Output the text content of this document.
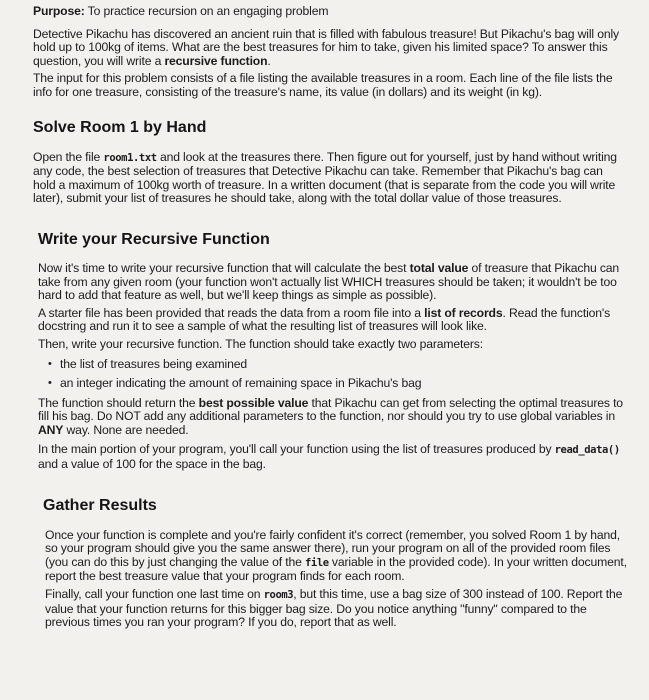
Purpose: To practice recursion on an engaging problem

Detective Pikachu has discovered an ancient ruin that is filled with fabulous treasure! But Pikachu's bag will only hold up to 100kg of items. What are the best treasures for him to take, given his limited space? To answer this question, you will write a recursive function.

The input for this problem consists of a file listing the available treasures in a room. Each line of the file lists the info for one treasure, consisting of the treasure's name, its value (in dollars) and its weight (in kg).

Solve Room 1 by Hand

Open the file room1.txt and look at the treasures there. Then figure out for yourself, just by hand without writing any code, the best selection of treasures that Detective Pikachu can take. Remember that Pikachu's bag can hold a maximum of 100kg worth of treasure. In a written document (that is separate from the code you will write later), submit your list of treasures he should take, along with the total dollar value of those treasures.

Write your Recursive Function

Now it's time to write your recursive function that will calculate the best total value of treasure that Pikachu can take from any given room (your function won't actually list WHICH treasures should be taken; it wouldn't be too hard to add that feature as well, but we'll keep things as simple as possible).

A starter file has been provided that reads the data from a room file into a list of records. Read the function's docstring and run it to see a sample of what the resulting list of treasures will look like.

Then, write your recursive function. The function should take exactly two parameters:

• the list of treasures being examined
• an integer indicating the amount of remaining space in Pikachu's bag

The function should return the best possible value that Pikachu can get from selecting the optimal treasures to fill his bag. Do NOT add any additional parameters to the function, nor should you try to use global variables in ANY way. None are needed.

In the main portion of your program, you'll call your function using the list of treasures produced by read_data() and a value of 100 for the space in the bag.

Gather Results

Once your function is complete and you're fairly confident it's correct (remember, you solved Room 1 by hand, so your program should give you the same answer there), run your program on all of the provided room files (you can do this by just changing the value of the file variable in the provided code). In your written document, report the best treasure value that your program finds for each room.

Finally, call your function one last time on room3, but this time, use a bag size of 300 instead of 100. Report the value that your function returns for this bigger bag size. Do you notice anything "funny" compared to the previous times you ran your program? If you do, report that as well.
